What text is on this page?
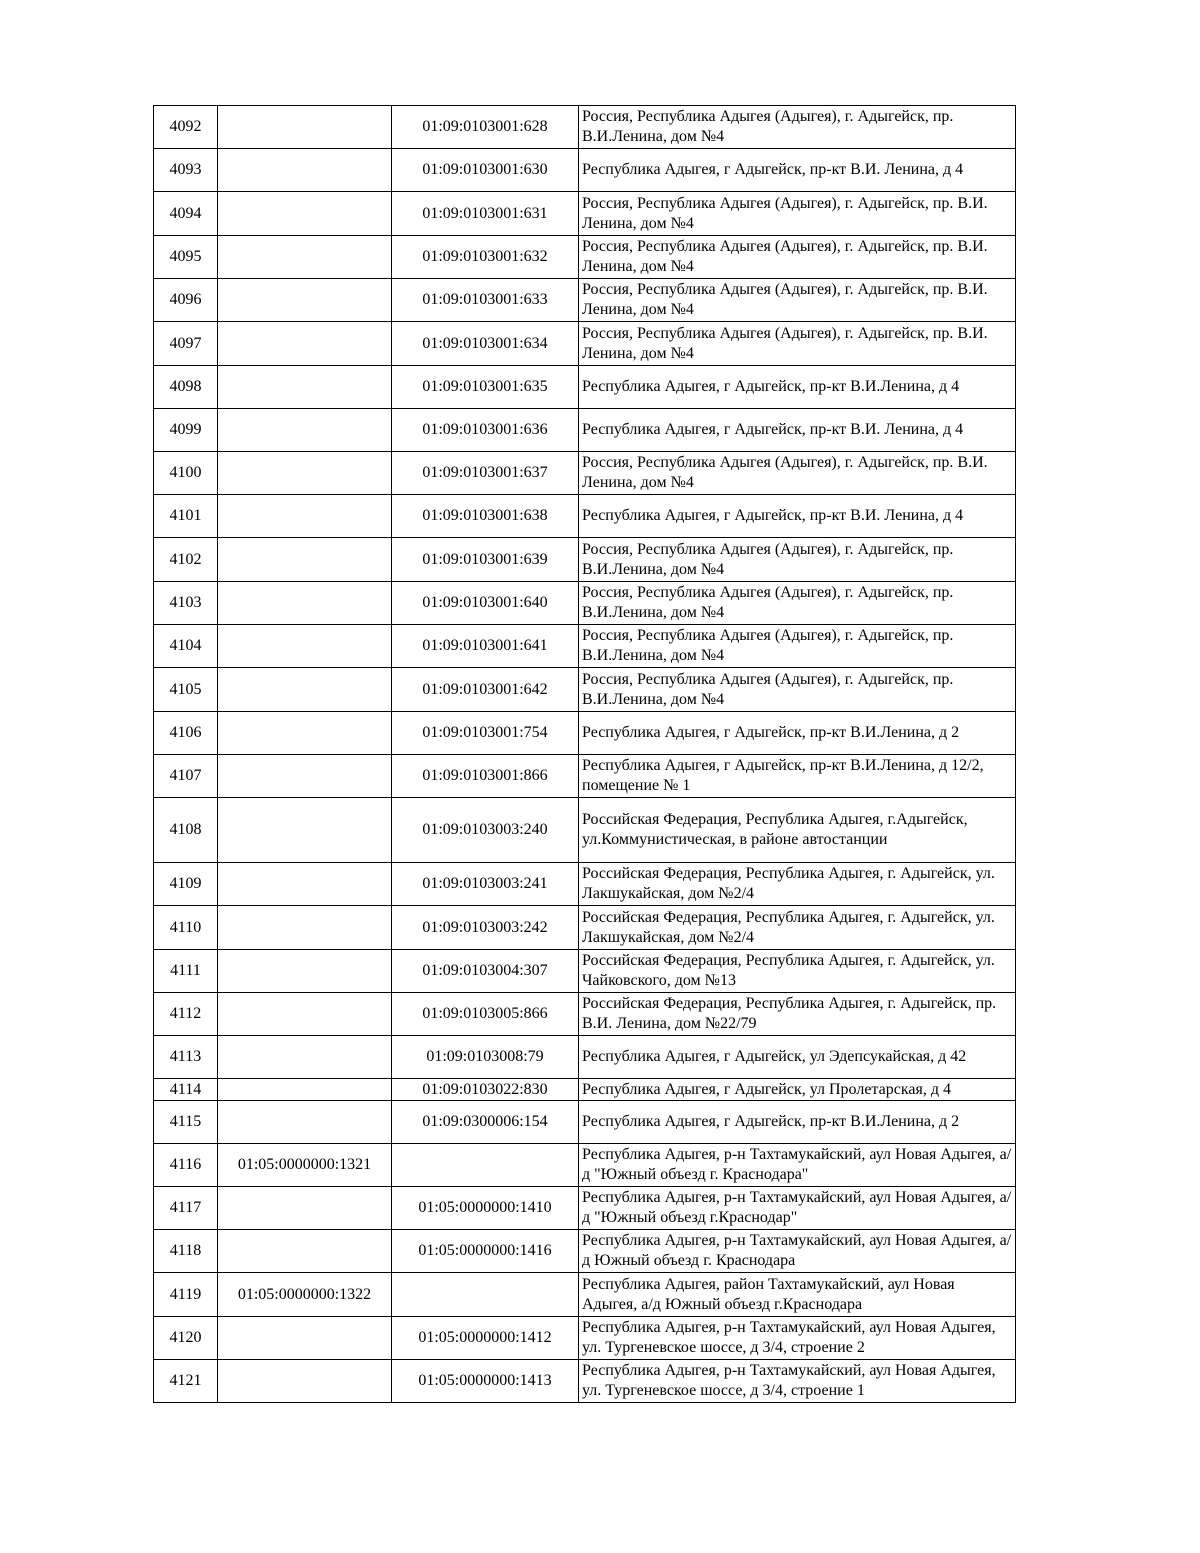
4092		01:09:0103001:628	Россия, Республика Адыгея (Адыгея), г. Адыгейск, пр. В.И.Ленина, дом №4
4093		01:09:0103001:630	Республика Адыгея, г Адыгейск, пр-кт В.И. Ленина, д 4
4094		01:09:0103001:631	Россия, Республика Адыгея (Адыгея), г. Адыгейск, пр. В.И. Ленина, дом №4
4095		01:09:0103001:632	Россия, Республика Адыгея (Адыгея), г. Адыгейск, пр. В.И. Ленина, дом №4
4096		01:09:0103001:633	Россия, Республика Адыгея (Адыгея), г. Адыгейск, пр. В.И. Ленина, дом №4
4097		01:09:0103001:634	Россия, Республика Адыгея (Адыгея), г. Адыгейск, пр. В.И. Ленина, дом №4
4098		01:09:0103001:635	Республика Адыгея, г Адыгейск, пр-кт В.И.Ленина, д 4
4099		01:09:0103001:636	Республика Адыгея, г Адыгейск, пр-кт В.И. Ленина, д 4
4100		01:09:0103001:637	Россия, Республика Адыгея (Адыгея), г. Адыгейск, пр. В.И. Ленина, дом №4
4101		01:09:0103001:638	Республика Адыгея, г Адыгейск, пр-кт В.И. Ленина, д 4
4102		01:09:0103001:639	Россия, Республика Адыгея (Адыгея), г. Адыгейск, пр. В.И.Ленина, дом №4
4103		01:09:0103001:640	Россия, Республика Адыгея (Адыгея), г. Адыгейск, пр. В.И.Ленина, дом №4
4104		01:09:0103001:641	Россия, Республика Адыгея (Адыгея), г. Адыгейск, пр. В.И.Ленина, дом №4
4105		01:09:0103001:642	Россия, Республика Адыгея (Адыгея), г. Адыгейск, пр. В.И.Ленина, дом №4
4106		01:09:0103001:754	Республика Адыгея, г Адыгейск, пр-кт В.И.Ленина, д 2
4107		01:09:0103001:866	Республика Адыгея, г Адыгейск, пр-кт В.И.Ленина, д 12/2, помещение № 1
4108		01:09:0103003:240	Российская Федерация, Республика Адыгея, г.Адыгейск, ул.Коммунистическая, в районе автостанции
4109		01:09:0103003:241	Российская Федерация, Республика Адыгея, г. Адыгейск, ул. Лакшукайская, дом №2/4
4110		01:09:0103003:242	Российская Федерация, Республика Адыгея, г. Адыгейск, ул. Лакшукайская, дом №2/4
4111		01:09:0103004:307	Российская Федерация, Республика Адыгея, г. Адыгейск, ул. Чайковского, дом №13
4112		01:09:0103005:866	Российская Федерация, Республика Адыгея, г. Адыгейск, пр. В.И. Ленина, дом №22/79
4113		01:09:0103008:79	Республика Адыгея, г Адыгейск, ул Эдепсукайская, д 42
4114		01:09:0103022:830	Республика Адыгея, г Адыгейск, ул Пролетарская, д 4
4115		01:09:0300006:154	Республика Адыгея, г Адыгейск, пр-кт В.И.Ленина, д 2
4116	01:05:0000000:1321		Республика Адыгея, р-н Тахтамукайский, аул Новая Адыгея, а/д "Южный объезд г. Краснодара"
4117		01:05:0000000:1410	Республика Адыгея, р-н Тахтамукайский, аул Новая Адыгея, а/д "Южный объезд г.Краснодар"
4118		01:05:0000000:1416	Республика Адыгея, р-н Тахтамукайский, аул Новая Адыгея, а/д Южный объезд г. Краснодара
4119	01:05:0000000:1322		Республика Адыгея, район Тахтамукайский, аул Новая Адыгея, а/д Южный объезд г.Краснодара
4120		01:05:0000000:1412	Республика Адыгея, р-н Тахтамукайский, аул Новая Адыгея, ул. Тургеневское шоссе, д 3/4, строение 2
4121		01:05:0000000:1413	Республика Адыгея, р-н Тахтамукайский, аул Новая Адыгея, ул. Тургеневское шоссе, д 3/4, строение 1
